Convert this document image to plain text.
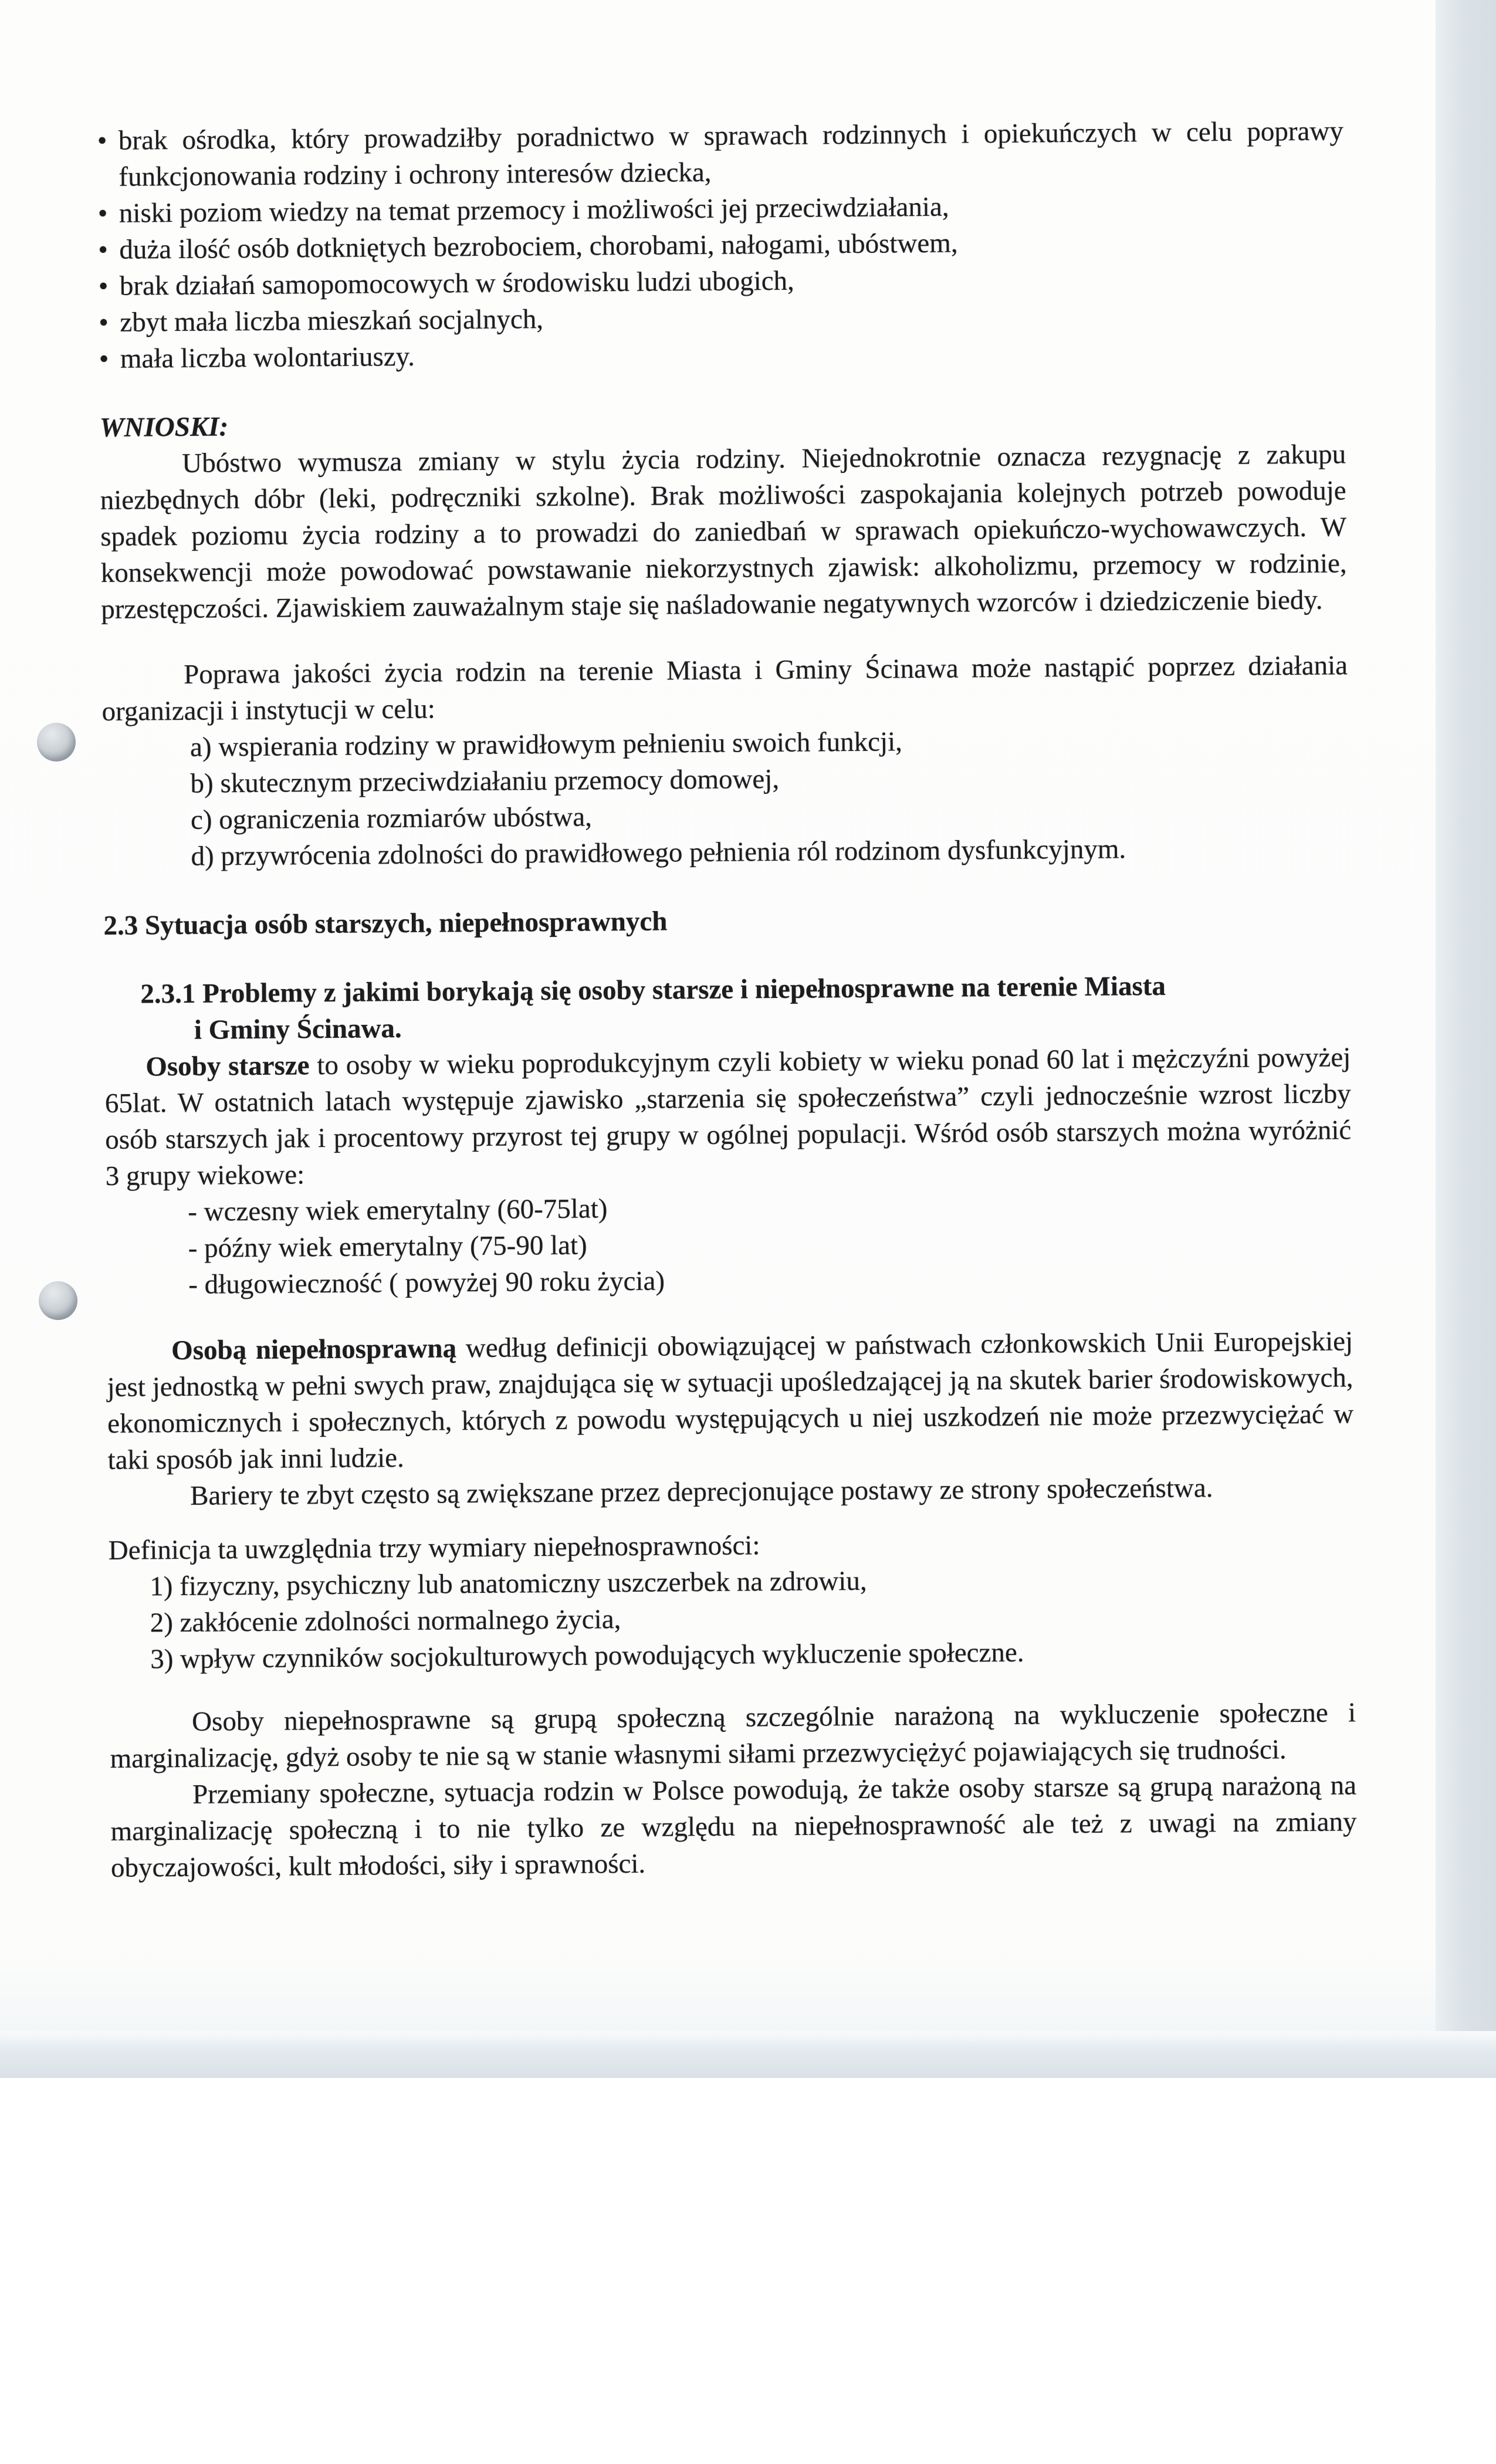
• brak ośrodka, który prowadziłby poradnictwo w sprawach rodzinnych i opiekuńczych w celu poprawy funkcjonowania rodziny i ochrony interesów dziecka,
• niski poziom wiedzy na temat przemocy i możliwości jej przeciwdziałania,
• duża ilość osób dotkniętych bezrobociem, chorobami, nałogami, ubóstwem,
• brak działań samopomocowych w środowisku ludzi ubogich,
• zbyt mała liczba mieszkań socjalnych,
• mała liczba wolontariuszy.
WNIOSKI:
Ubóstwo wymusza zmiany w stylu życia rodziny. Niejednokrotnie oznacza rezygnację z zakupu niezbędnych dóbr (leki, podręczniki szkolne). Brak możliwości zaspokajania kolejnych potrzeb powoduje spadek poziomu życia rodziny a to prowadzi do zaniedbań w sprawach opiekuńczo-wychowawczych. W konsekwencji może powodować powstawanie niekorzystnych zjawisk: alkoholizmu, przemocy w rodzinie, przestępczości. Zjawiskiem zauważalnym staje się naśladowanie negatywnych wzorców i dziedziczenie biedy.
Poprawa jakości życia rodzin na terenie Miasta i Gminy Ścinawa może nastąpić poprzez działania organizacji i instytucji w celu:
a) wspierania rodziny w prawidłowym pełnieniu swoich funkcji,
b) skutecznym przeciwdziałaniu przemocy domowej,
c) ograniczenia rozmiarów ubóstwa,
d) przywrócenia zdolności do prawidłowego pełnienia ról rodzinom dysfunkcyjnym.
2.3 Sytuacja osób starszych, niepełnosprawnych
2.3.1 Problemy z jakimi borykają się osoby starsze i niepełnosprawne na terenie Miasta
i Gminy Ścinawa.

Osoby starsze to osoby w wieku poprodukcyjnym czyli kobiety w wieku ponad 60 lat i mężczyźni powyżej 65lat. W ostatnich latach występuje zjawisko „starzenia się społeczeństwa” czyli jednocześnie wzrost liczby osób starszych jak i procentowy przyrost tej grupy w ogólnej populacji. Wśród osób starszych można wyróżnić 3 grupy wiekowe:

- wczesny wiek emerytalny (60-75lat)
- późny wiek emerytalny (75-90 lat)
- długowieczność ( powyżej 90 roku życia)

Osobą niepełnosprawną według definicji obowiązującej w państwach członkowskich Unii Europejskiej jest jednostką w pełni swych praw, znajdująca się w sytuacji upośledzającej ją na skutek barier środowiskowych, ekonomicznych i społecznych, których z powodu występujących u niej uszkodzeń nie może przezwyciężać w taki sposób jak inni ludzie.

Bariery te zbyt często są zwiększane przez deprecjonujące postawy ze strony społeczeństwa.
Definicja ta uwzględnia trzy wymiary niepełnosprawności:
1) fizyczny, psychiczny lub anatomiczny uszczerbek na zdrowiu,
2) zakłócenie zdolności normalnego życia,
3) wpływ czynników socjokulturowych powodujących wykluczenie społeczne.
Osoby niepełnosprawne są grupą społeczną szczególnie narażoną na wykluczenie społeczne i marginalizację, gdyż osoby te nie są w stanie własnymi siłami przezwyciężyć pojawiających się trudności.
Przemiany społeczne, sytuacja rodzin w Polsce powodują, że także osoby starsze są grupą narażoną na marginalizację społeczną i to nie tylko ze względu na niepełnosprawność ale też z uwagi na zmiany obyczajowości, kult młodości, siły i sprawności.
